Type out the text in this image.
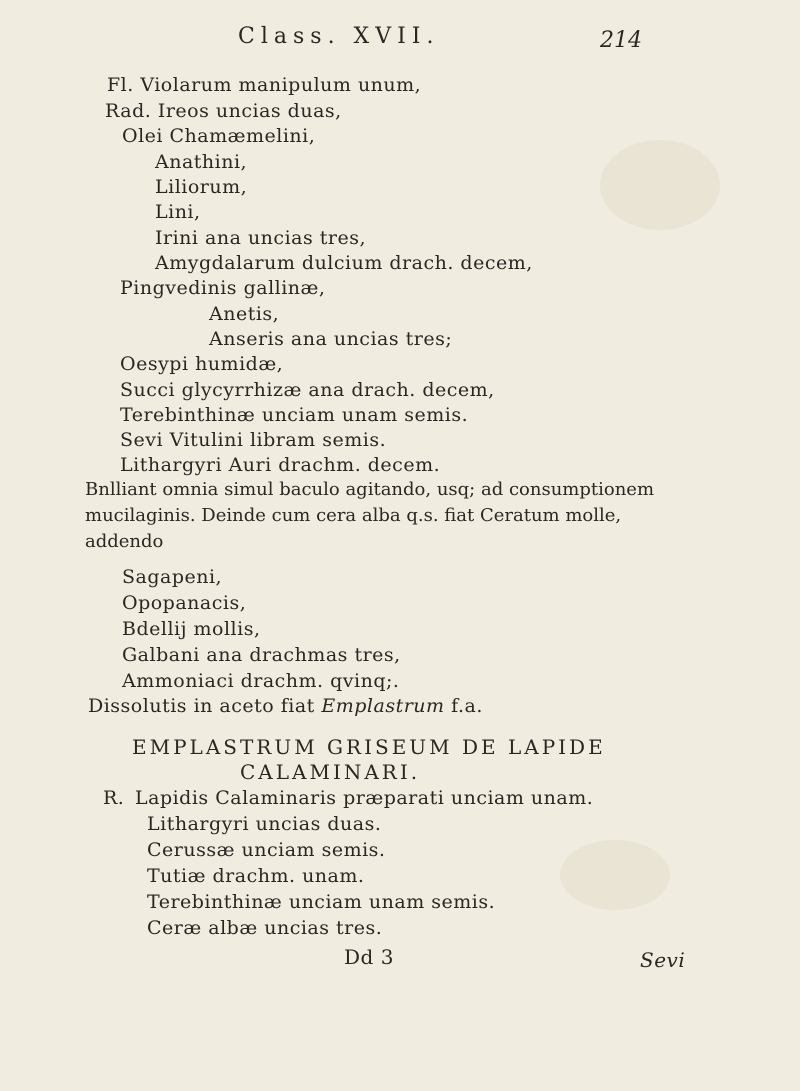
Class. XVII.	214
Fl. Violarum manipulum unum,
Rad. Ireos uncias duas,
Olei Chamæmelini,
Anathini,
Liliorum,
Lini,
Irini ana uncias tres,
Amygdalarum dulcium drach. decem,
Pingvedinis gallinæ,
Anetis,
Anseris ana uncias tres;
Oesypi humidæ,
Succi glycyrrhizæ ana drach. decem,
Terebinthinæ unciam unam semis.
Sevi Vitulini libram semis.
Lithargyri Auri drachm. decem.
Bnlliant omnia simul baculo agitando, usq; ad consumptionem
mucilaginis. Deinde cum cera alba q.s. fiat Ceratum molle,
addendo
Sagapeni,
Opopanacis,
Bdellij mollis,
Galbani ana drachmas tres,
Ammoniaci drachm. qvinq;.
Dissolutis in aceto fiat Emplastrum f.a.
EMPLASTRUM GRISEUM DE LAPIDE
CALAMINARI.
R. Lapidis Calaminaris præparati unciam unam.
Lithargyri uncias duas.
Cerussæ unciam semis.
Tutiæ drachm. unam.
Terebinthinæ unciam unam semis.
Ceræ albæ uncias tres.
Dd 3	Sevi
